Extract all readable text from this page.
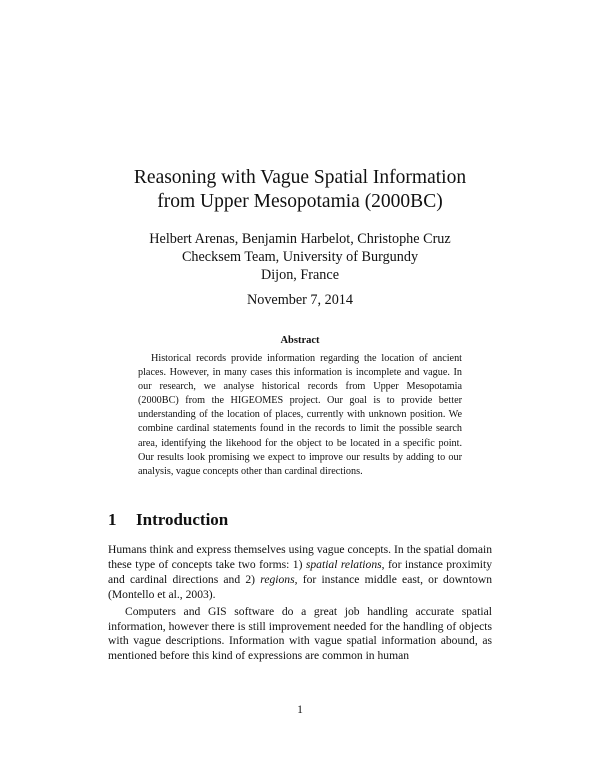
Reasoning with Vague Spatial Information
from Upper Mesopotamia (2000BC)
Helbert Arenas, Benjamin Harbelot, Christophe Cruz
Checksem Team, University of Burgundy
Dijon, France
November 7, 2014
Abstract
Historical records provide information regarding the location of ancient places. However, in many cases this information is incomplete and vague. In our research, we analyse historical records from Upper Mesopotamia (2000BC) from the HIGEOMES project. Our goal is to provide better understanding of the location of places, currently with unknown position. We combine cardinal statements found in the records to limit the possible search area, identifying the likehood for the object to be located in a specific point. Our results look promising we expect to improve our results by adding to our analysis, vague concepts other than cardinal directions.
1 Introduction

Humans think and express themselves using vague concepts. In the spatial domain these type of concepts take two forms: 1) spatial relations, for instance proximity and cardinal directions and 2) regions, for instance middle east, or downtown (Montello et al., 2003).

Computers and GIS software do a great job handling accurate spatial information, however there is still improvement needed for the handling of objects with vague descriptions. Information with vague spatial information abound, as mentioned before this kind of expressions are common in human

1
